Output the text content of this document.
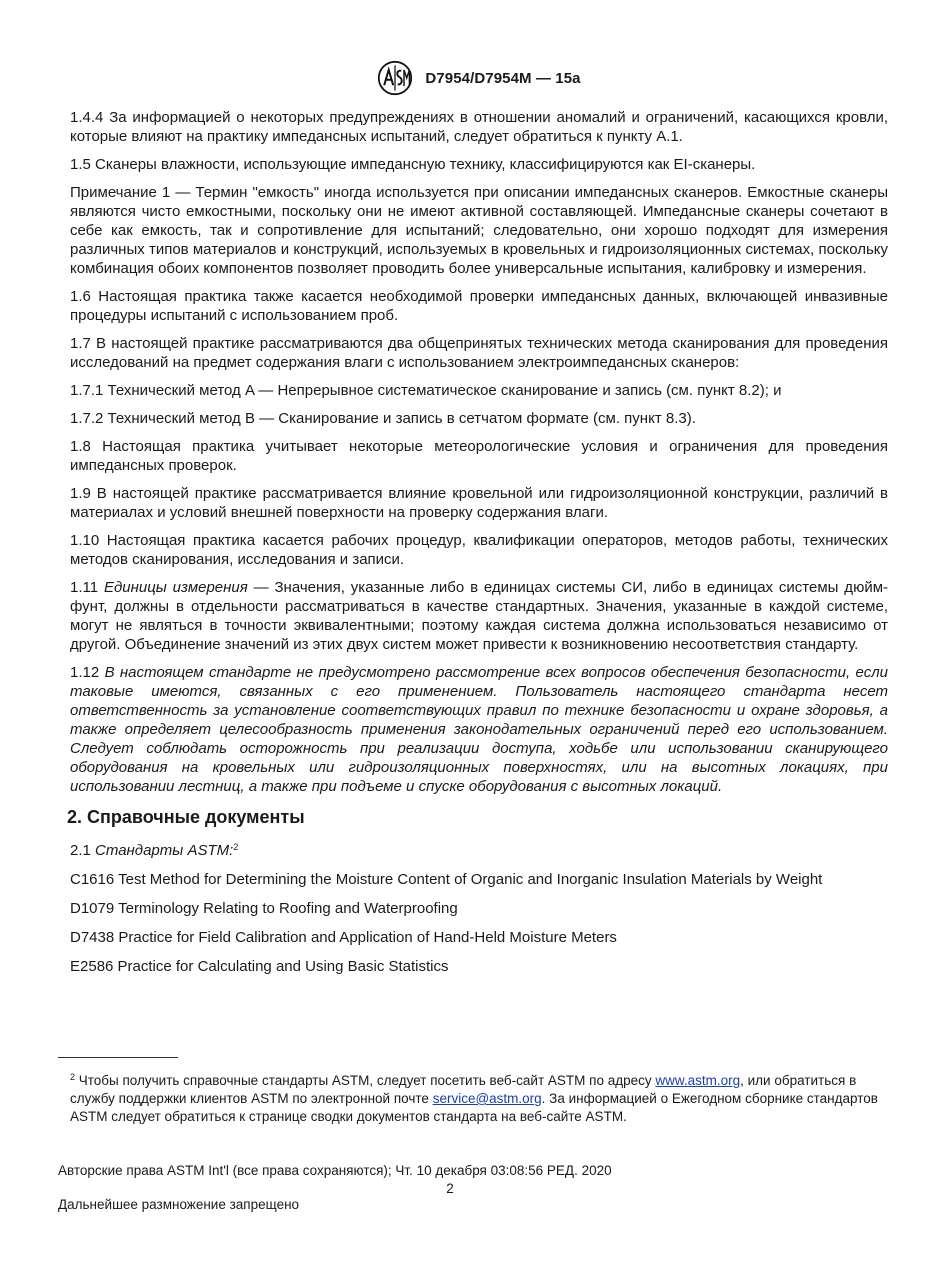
D7954/D7954M — 15a

1.4.4 За информацией о некоторых предупреждениях в отношении аномалий и ограничений, касающихся кровли, которые влияют на практику импедансных испытаний, следует обратиться к пункту A.1.

1.5 Сканеры влажности, использующие импедансную технику, классифицируются как EI-сканеры.

Примечание 1 — Термин "емкость" иногда используется при описании импедансных сканеров. Емкостные сканеры являются чисто емкостными, поскольку они не имеют активной составляющей. Импедансные сканеры сочетают в себе как емкость, так и сопротивление для испытаний; следовательно, они хорошо подходят для измерения различных типов материалов и конструкций, используемых в кровельных и гидроизоляционных системах, поскольку комбинация обоих компонентов позволяет проводить более универсальные испытания, калибровку и измерения.

1.6 Настоящая практика также касается необходимой проверки импедансных данных, включающей инвазивные процедуры испытаний с использованием проб.

1.7 В настоящей практике рассматриваются два общепринятых технических метода сканирования для проведения исследований на предмет содержания влаги с использованием электроимпедансных сканеров:

1.7.1 Технический метод A — Непрерывное систематическое сканирование и запись (см. пункт 8.2); и

1.7.2 Технический метод B — Сканирование и запись в сетчатом формате (см. пункт 8.3).

1.8 Настоящая практика учитывает некоторые метеорологические условия и ограничения для проведения импедансных проверок.

1.9 В настоящей практике рассматривается влияние кровельной или гидроизоляционной конструкции, различий в материалах и условий внешней поверхности на проверку содержания влаги.

1.10 Настоящая практика касается рабочих процедур, квалификации операторов, методов работы, технических методов сканирования, исследования и записи.

1.11 Единицы измерения — Значения, указанные либо в единицах системы СИ, либо в единицах системы дюйм-фунт, должны в отдельности рассматриваться в качестве стандартных. Значения, указанные в каждой системе, могут не являться в точности эквивалентными; поэтому каждая система должна использоваться независимо от другой. Объединение значений из этих двух систем может привести к возникновению несоответствия стандарту.

1.12 В настоящем стандарте не предусмотрено рассмотрение всех вопросов обеспечения безопасности, если таковые имеются, связанных с его применением. Пользователь настоящего стандарта несет ответственность за установление соответствующих правил по технике безопасности и охране здоровья, а также определяет целесообразность применения законодательных ограничений перед его использованием. Следует соблюдать осторожность при реализации доступа, ходьбе или использовании сканирующего оборудования на кровельных или гидроизоляционных поверхностях, или на высотных локациях, при использовании лестниц, а также при подъеме и спуске оборудования с высотных локаций.

2. Справочные документы

2.1 Стандарты ASTM:$^2$

C1616 Test Method for Determining the Moisture Content of Organic and Inorganic Insulation Materials by Weight

D1079 Terminology Relating to Roofing and Waterproofing

D7438 Practice for Field Calibration and Application of Hand-Held Moisture Meters

E2586 Practice for Calculating and Using Basic Statistics

$^2$ Чтобы получить справочные стандарты ASTM, следует посетить веб-сайт ASTM по адресу www.astm.org, или обратиться в службу поддержки клиентов ASTM по электронной почте service@astm.org. За информацией о Ежегодном сборнике стандартов ASTM следует обратиться к странице сводки документов стандарта на веб-сайте ASTM.

Авторские права ASTM Int'l (все права сохраняются); Чт. 10 декабря 03:08:56 РЕД. 2020
2
Дальнейшее размножение запрещено
